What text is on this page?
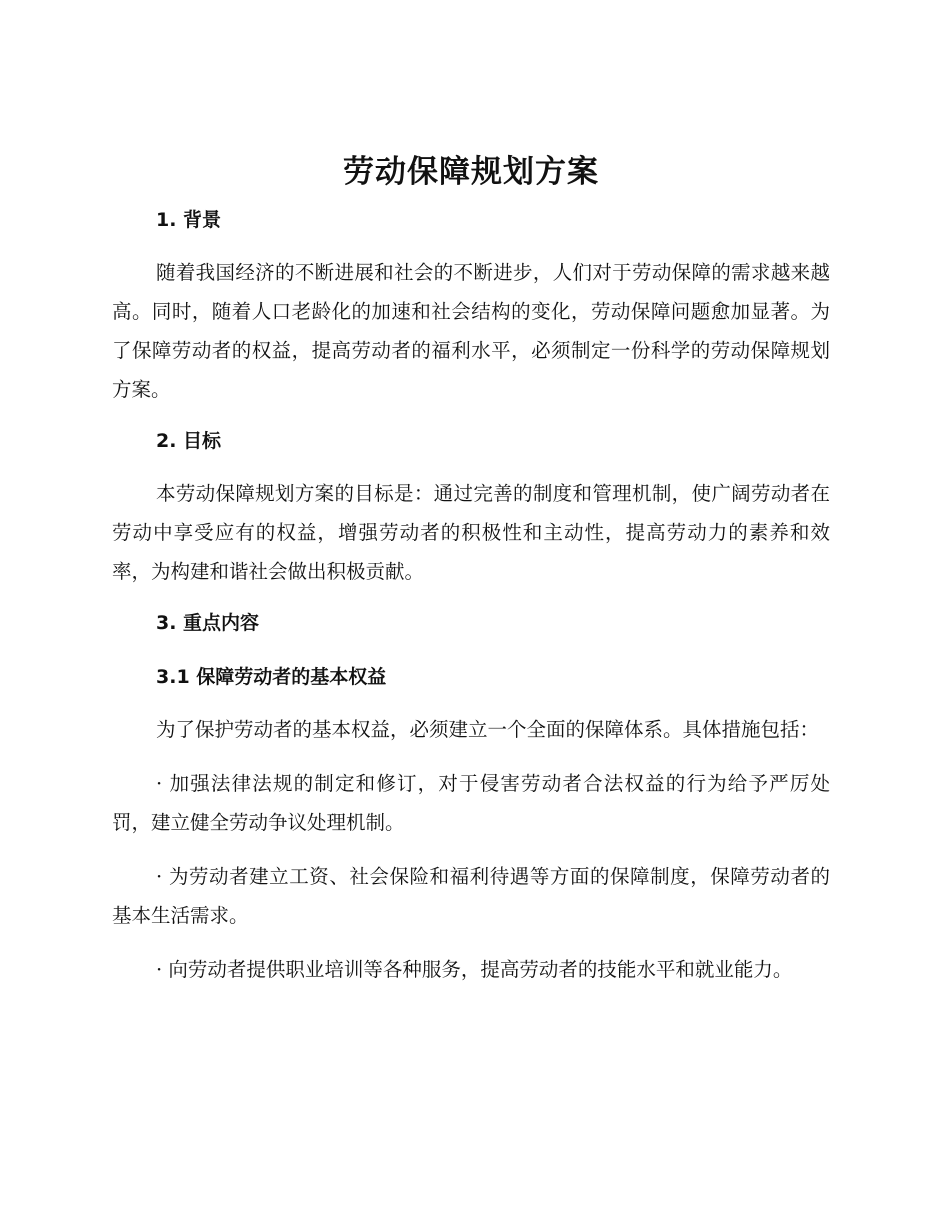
劳动保障规划方案
1. 背景

随着我国经济的不断进展和社会的不断进步，人们对于劳动保障的需求越来越高。同时，随着人口老龄化的加速和社会结构的变化，劳动保障问题愈加显著。为了保障劳动者的权益，提高劳动者的福利水平，必须制定一份科学的劳动保障规划方案。

2. 目标

本劳动保障规划方案的目标是：通过完善的制度和管理机制，使广阔劳动者在劳动中享受应有的权益，增强劳动者的积极性和主动性，提高劳动力的素养和效率，为构建和谐社会做出积极贡献。

3. 重点内容
3.1 保障劳动者的基本权益

为了保护劳动者的基本权益，必须建立一个全面的保障体系。具体措施包括：

· 加强法律法规的制定和修订，对于侵害劳动者合法权益的行为给予严厉处罚，建立健全劳动争议处理机制。

· 为劳动者建立工资、社会保险和福利待遇等方面的保障制度，保障劳动者的基本生活需求。

· 向劳动者提供职业培训等各种服务，提高劳动者的技能水平和就业能力。
